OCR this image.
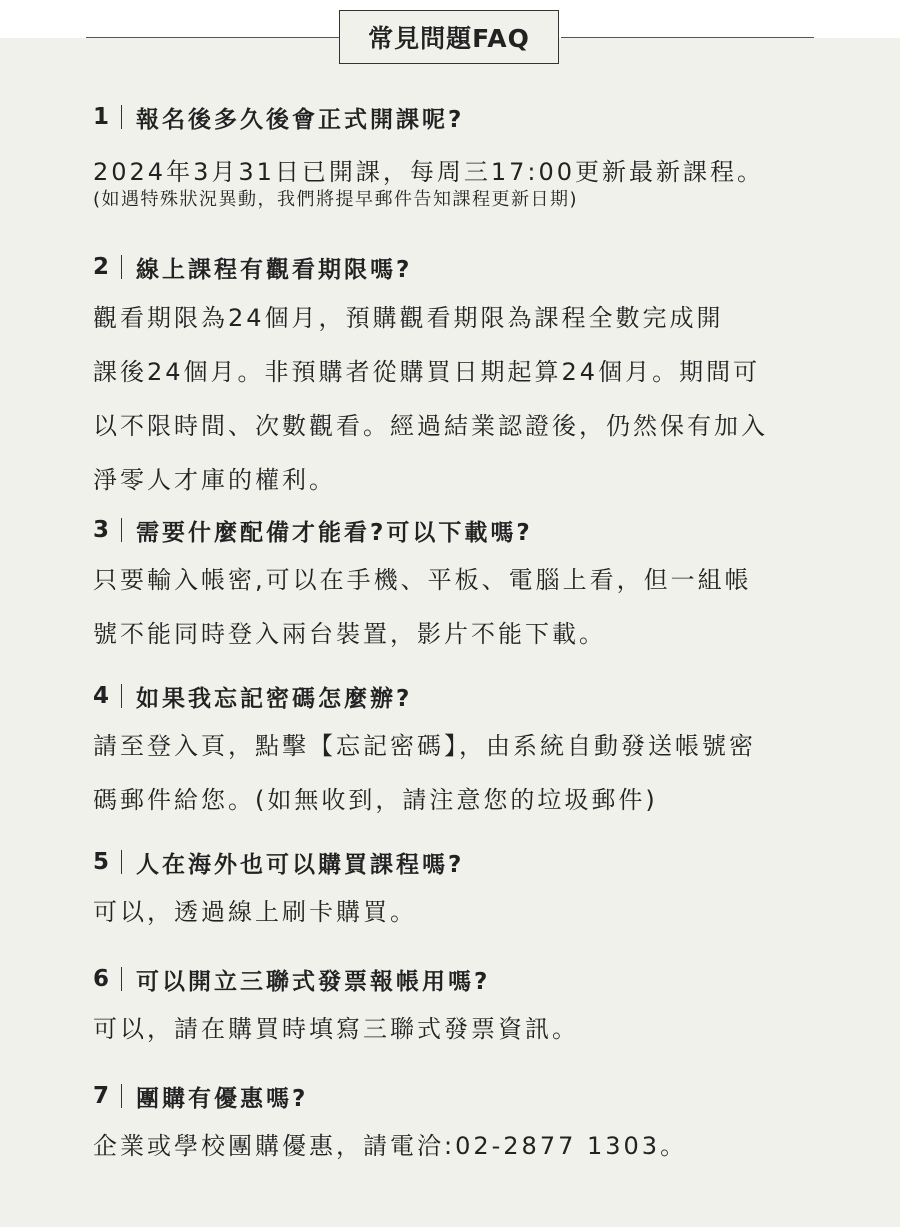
常見問題FAQ
1 報名後多久後會正式開課呢?
2024年3月31日已開課，每周三17:00更新最新課程。
(如遇特殊狀況異動，我們將提早郵件告知課程更新日期)
2 線上課程有觀看期限嗎?
觀看期限為24個月，預購觀看期限為課程全數完成開
課後24個月。非預購者從購買日期起算24個月。期間可
以不限時間、次數觀看。經過結業認證後，仍然保有加入
淨零人才庫的權利。
3 需要什麼配備才能看?可以下載嗎?
只要輸入帳密,可以在手機、平板、電腦上看，但一組帳
號不能同時登入兩台裝置，影片不能下載。
4 如果我忘記密碼怎麼辦?
請至登入頁，點擊【忘記密碼】，由系統自動發送帳號密
碼郵件給您。(如無收到，請注意您的垃圾郵件)
5 人在海外也可以購買課程嗎?
可以，透過線上刷卡購買。
6 可以開立三聯式發票報帳用嗎?
可以，請在購買時填寫三聯式發票資訊。
7 團購有優惠嗎?
企業或學校團購優惠，請電洽:02-2877 1303。
